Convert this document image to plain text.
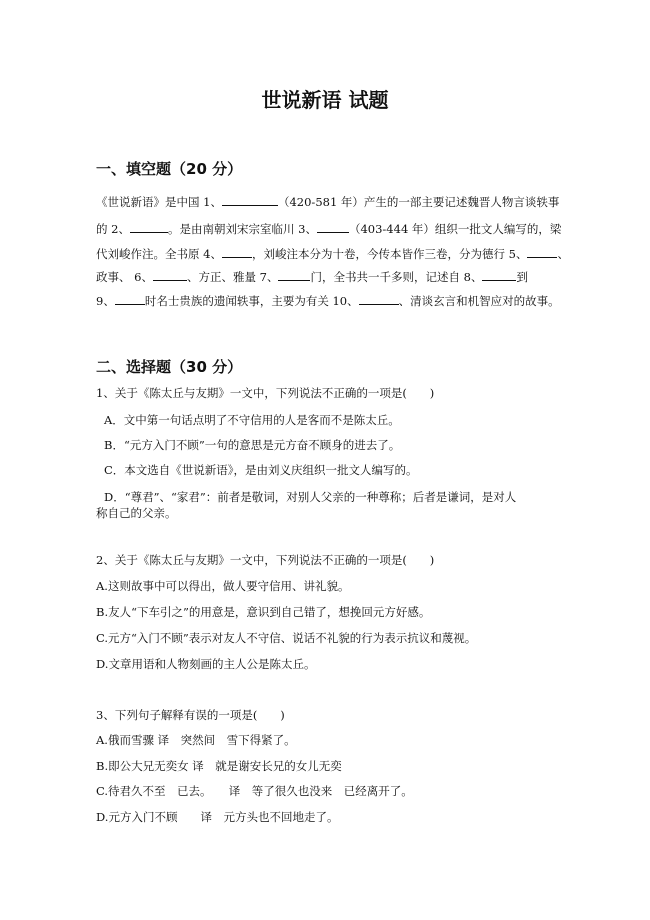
世说新语 试题
一、填空题（20 分）
《世说新语》是中国 1、	（420-581 年）产生的一部主要记述魏晋人物言谈轶事
的 2、	。是由南朝刘宋宗室临川 3、	（403-444 年）组织一批文人编写的，梁
代刘峻作注。全书原 4、	，刘峻注本分为十卷，今传本皆作三卷，分为德行 5、	、
政事、 6、	、方正、雅量 7、	门，全书共一千多则，记述自 8、	到
9、	时名士贵族的遗闻轶事，主要为有关 10、	、清谈玄言和机智应对的故事。
二、选择题（30 分）
1、关于《陈太丘与友期》一文中，下列说法不正确的一项是(　　)
A．文中第一句话点明了不守信用的人是客而不是陈太丘。
B．“元方入门不顾”一句的意思是元方奋不顾身的进去了。
C．本文选自《世说新语》，是由刘义庆组织一批文人编写的。
D．“尊君”、“家君”：前者是敬词，对别人父亲的一种尊称；后者是谦词，是对人
称自己的父亲。
2、关于《陈太丘与友期》一文中，下列说法不正确的一项是(　　)
A.这则故事中可以得出，做人要守信用、讲礼貌。
B.友人“下车引之”的用意是，意识到自己错了，想挽回元方好感。
C.元方“入门不顾”表示对友人不守信、说话不礼貌的行为表示抗议和蔑视。
D.文章用语和人物刻画的主人公是陈太丘。
3、下列句子解释有误的一项是(　　)
A.俄而雪骤 译　突然间　雪下得紧了。
B.即公大兄无奕女 译　就是谢安长兄的女儿无奕
C.待君久不至　已去。　　译　等了很久也没来　已经离开了。
D.元方入门不顾　　译　元方头也不回地走了。
